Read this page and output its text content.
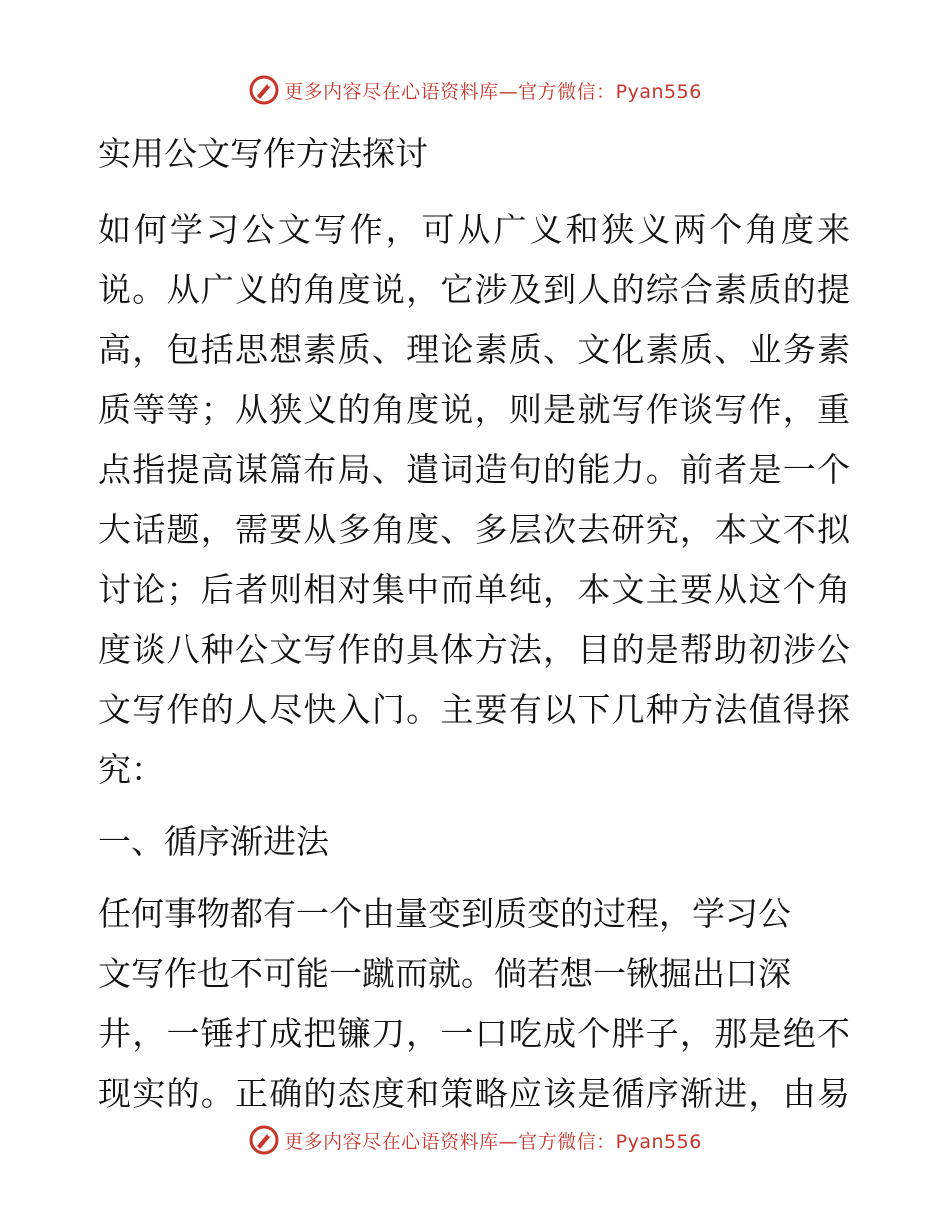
更多内容尽在心语资料库—官方微信：Pyan556
实用公文写作方法探讨
如何学习公文写作，可从广义和狭义两个角度来
说。从广义的角度说，它涉及到人的综合素质的提
高，包括思想素质、理论素质、文化素质、业务素
质等等；从狭义的角度说，则是就写作谈写作，重
点指提高谋篇布局、遣词造句的能力。前者是一个
大话题，需要从多角度、多层次去研究，本文不拟
讨论；后者则相对集中而单纯，本文主要从这个角
度谈八种公文写作的具体方法，目的是帮助初涉公
文写作的人尽快入门。主要有以下几种方法值得探
究：
一、循序渐进法
任何事物都有一个由量变到质变的过程，学习公
文写作也不可能一蹴而就。倘若想一锹掘出口深
井，一锤打成把镰刀，一口吃成个胖子，那是绝不
现实的。正确的态度和策略应该是循序渐进，由易
更多内容尽在心语资料库—官方微信：Pyan556
